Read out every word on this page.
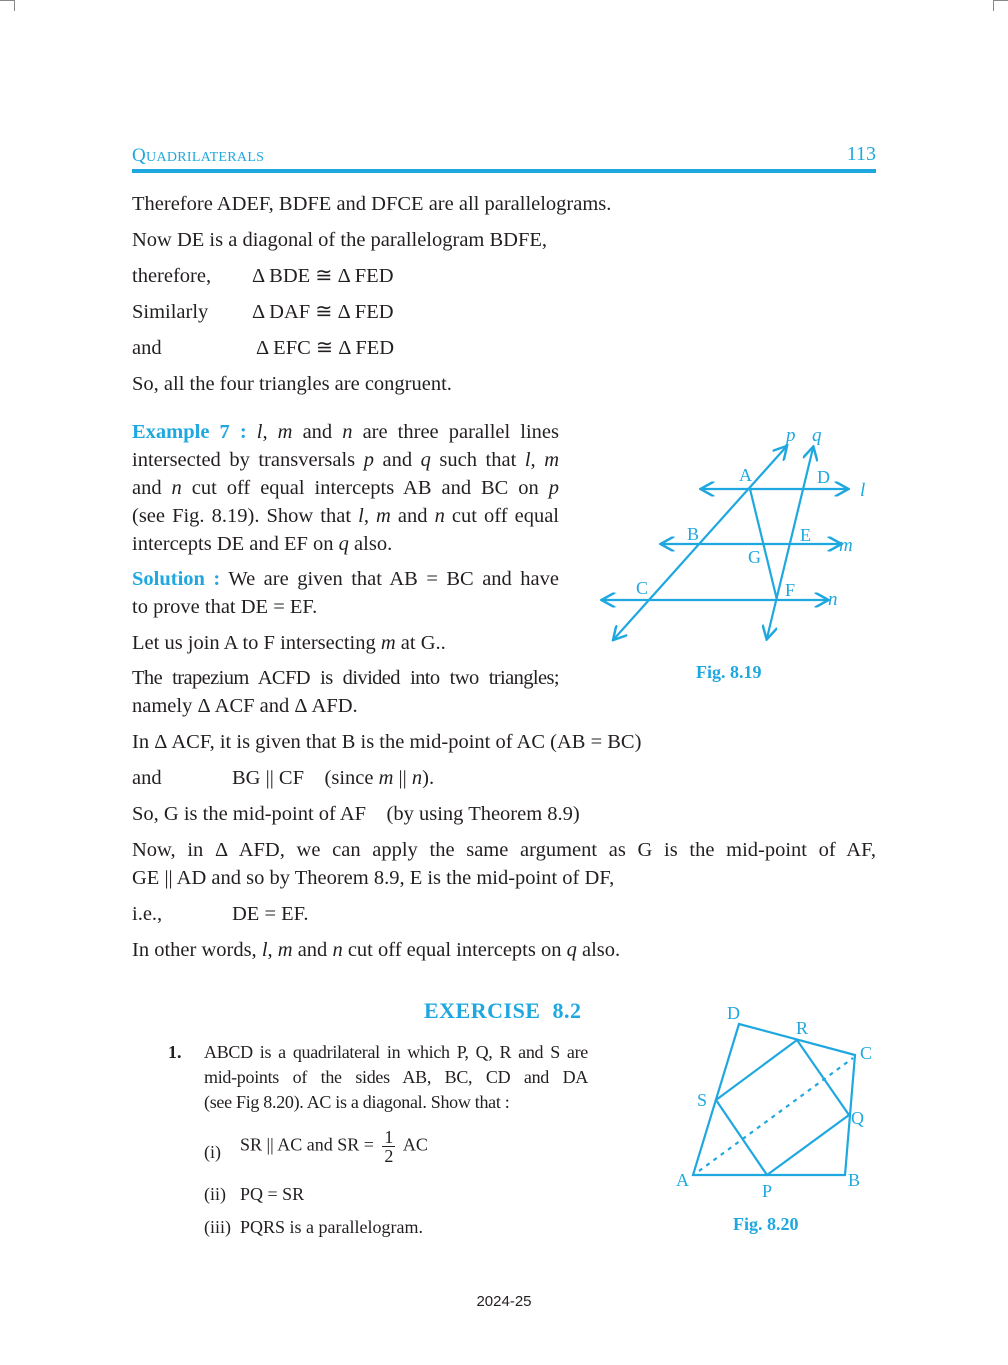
QUADRILATERALS	113
Therefore ADEF, BDFE and DFCE are all parallelograms.
Now DE is a diagonal of the parallelogram BDFE,
therefore, Δ BDE ≅ Δ FED
Similarly Δ DAF ≅ Δ FED
and	Δ EFC ≅ Δ FED
So, all the four triangles are congruent.
Example 7 : l, m and n are three parallel lines
intersected by transversals p and q such that l, m
and n cut off equal intercepts AB and BC on p
(see Fig. 8.19). Show that l, m and n cut off equal
intercepts DE and EF on q also.
Solution : We are given that AB = BC and have
to prove that DE = EF.
Let us join A to F intersecting m at G..
The trapezium ACFD is divided into two triangles;
namely Δ ACF and Δ AFD.
In Δ ACF, it is given that B is the mid-point of AC (AB = BC)
and	BG || CF    (since m || n).
So, G is the mid-point of AF    (by using Theorem 8.9)
Now, in Δ AFD, we can apply the same argument as G is the mid-point of AF,
GE || AD and so by Theorem 8.9, E is the mid-point of DF,
i.e.,	DE = EF.
In other words, l, m and n cut off equal intercepts on q also.
p q
A	D
l
B	E m
G
C	F n
Fig. 8.19
EXERCISE  8.2
1. ABCD is a quadrilateral in which P, Q, R and S are
mid-points of the sides AB, BC, CD and DA
(see Fig 8.20). AC is a diagonal. Show that :
(i) SR || AC and SR = $\frac{1}{2}$ AC
(ii) PQ = SR
(iii) PQRS is a parallelogram.
D
R
C
S
Q
A
P
B
Fig. 8.20
2024-25
